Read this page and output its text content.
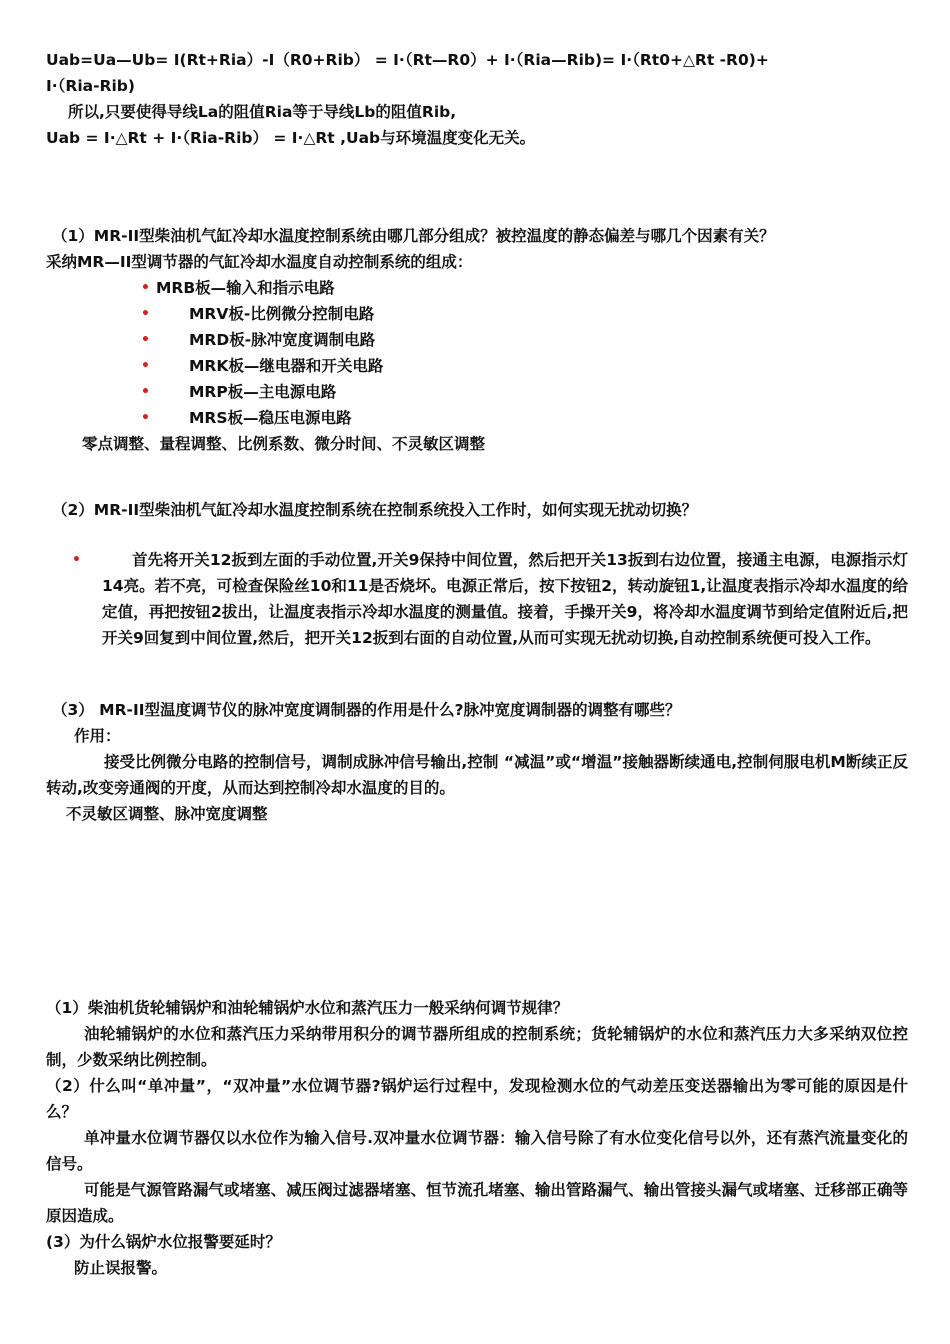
Uab=Ua—Ub= I(Rt+Ria）-I（R0+Rib） = I·（Rt—R0）+ I·（Ria—Rib)= I·（Rt0+△Rt -R0)+

I·（Ria-Rib)

所以,只要使得导线La的阻值Ria等于导线Lb的阻值Rib,

Uab = I·△Rt + I·（Ria-Rib） = I·△Rt ,Uab与环境温度变化无关。

（1）MR-II型柴油机气缸冷却水温度控制系统由哪几部分组成？被控温度的静态偏差与哪几个因素有关？

采纳MR—II型调节器的气缸冷却水温度自动控制系统的组成：

• MRB板—输入和指示电路
•	MRV板-比例微分控制电路
•	MRD板-脉冲宽度调制电路
•	MRK板—继电器和开关电路
•	MRP板—主电源电路
•	MRS板—稳压电源电路

零点调整、量程调整、比例系数、微分时间、不灵敏区调整

（2）MR-II型柴油机气缸冷却水温度控制系统在控制系统投入工作时，如何实现无扰动切换？

•	首先将开关12扳到左面的手动位置,开关9保持中间位置，然后把开关13扳到右边位置，接通主电源，电源指示灯14亮。若不亮，可检查保险丝10和11是否烧坏。电源正常后，按下按钮2，转动旋钮1,让温度表指示冷却水温度的给定值，再把按钮2拔出，让温度表指示冷却水温度的测量值。接着，手操开关9，将冷却水温度调节到给定值附近后,把开关9回复到中间位置,然后，把开关12扳到右面的自动位置,从而可实现无扰动切换,自动控制系统便可投入工作。

（3） MR-II型温度调节仪的脉冲宽度调制器的作用是什么?脉冲宽度调制器的调整有哪些？

作用：

接受比例微分电路的控制信号，调制成脉冲信号输出,控制 “减温”或“增温”接触器断续通电,控制伺服电机M断续正反转动,改变旁通阀的开度，从而达到控制冷却水温度的目的。

不灵敏区调整、脉冲宽度调整

（1）柴油机货轮辅锅炉和油轮辅锅炉水位和蒸汽压力一般采纳何调节规律？

油轮辅锅炉的水位和蒸汽压力采纳带用积分的调节器所组成的控制系统；货轮辅锅炉的水位和蒸汽压力大多采纳双位控制，少数采纳比例控制。

（2）什么叫“单冲量”，“双冲量”水位调节器?锅炉运行过程中，发现检测水位的气动差压变送器输出为零可能的原因是什么？

单冲量水位调节器仅以水位作为输入信号.双冲量水位调节器：输入信号除了有水位变化信号以外，还有蒸汽流量变化的信号。

可能是气源管路漏气或堵塞、减压阀过滤器堵塞、恒节流孔堵塞、输出管路漏气、输出管接头漏气或堵塞、迁移部正确等原因造成。

(3）为什么锅炉水位报警要延时？

防止误报警。
